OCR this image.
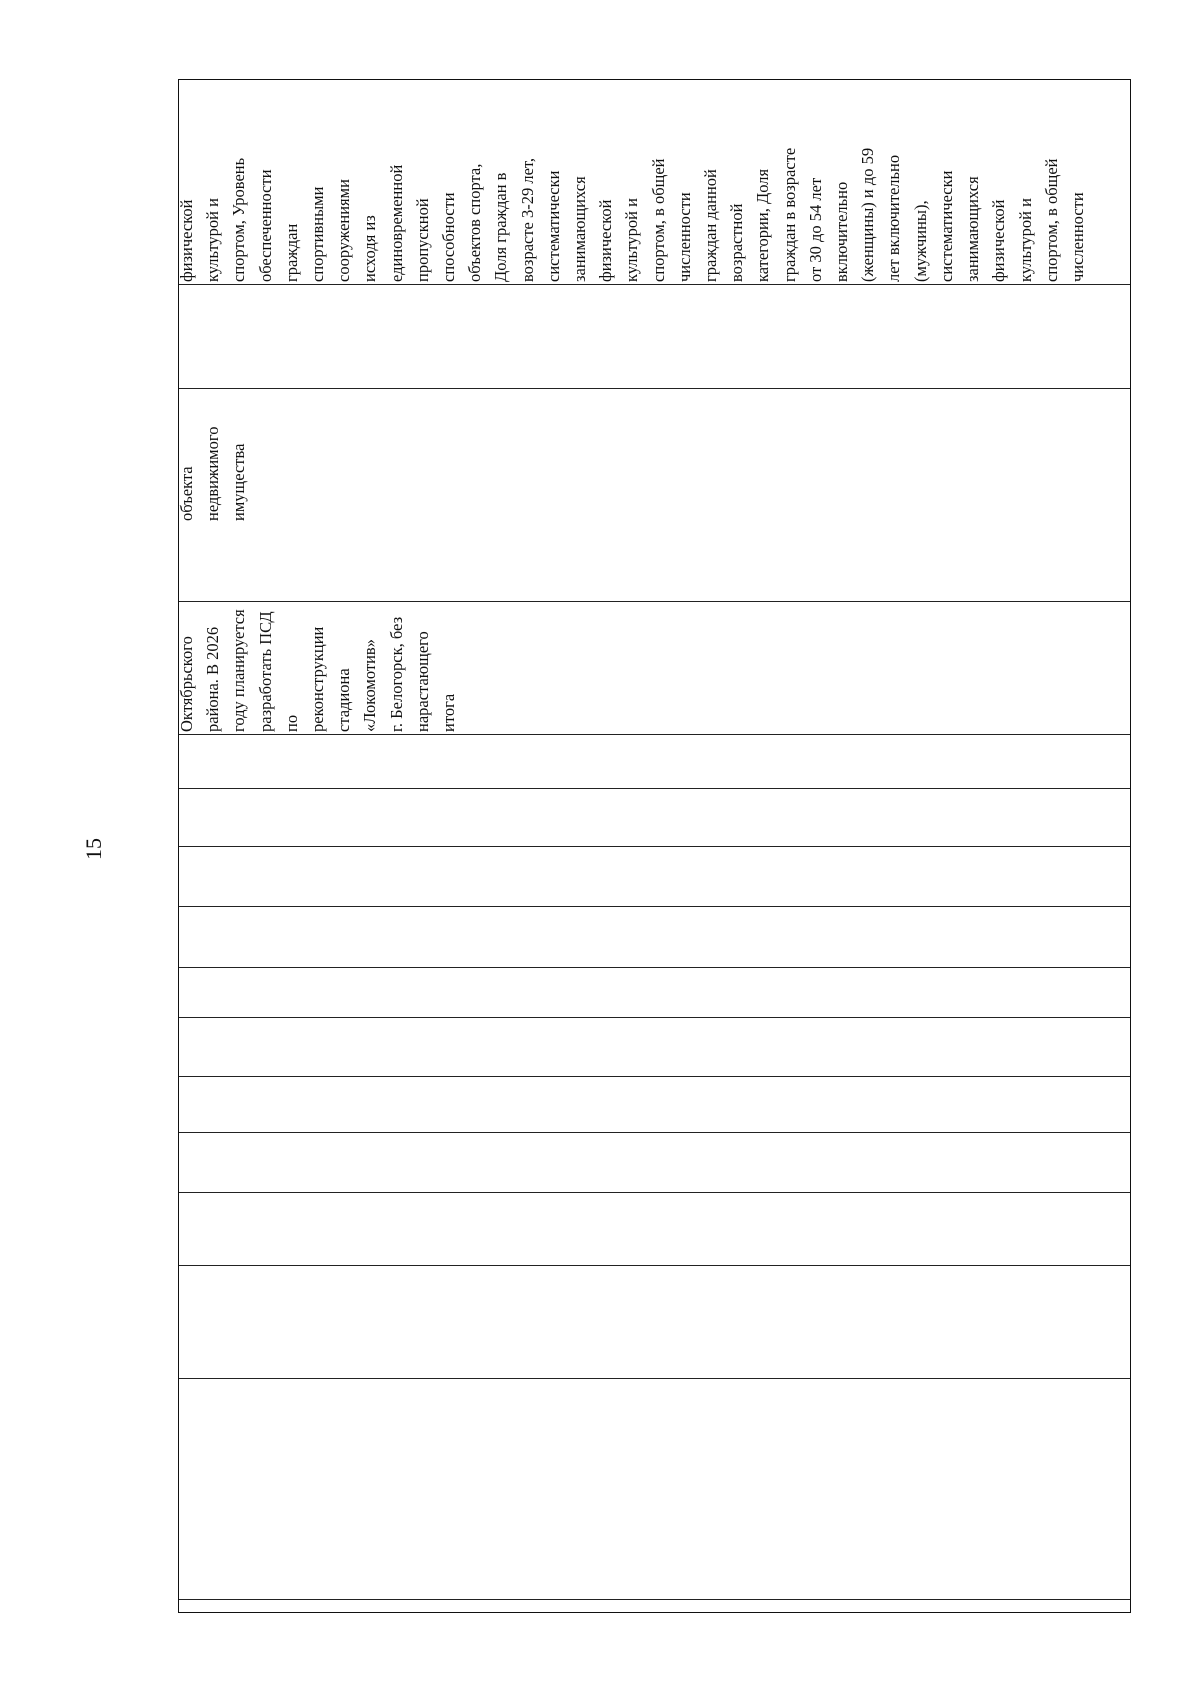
15
физической
культурой и
спортом, Уровень
обеспеченности
граждан
спортивными
сооружениями
исходя из
единовременной
пропускной
способности
объектов спорта,
Доля граждан в
возрасте 3-29 лет,
систематически
занимающихся
физической
культурой и
спортом, в общей
численности
граждан данной
возрастной
категории, Доля
граждан в возрасте
от 30 до 54 лет
включительно
(женщины) и до 59
лет включительно
(мужчины),
систематически
занимающихся
физической
культурой и
спортом, в общей
численности
объекта
недвижимого
имущества
Октябрьского
района. В 2026
году планируется
разработать ПСД
по
реконструкции
стадиона
«Локомотив»
г. Белогорск, без
нарастающего
итога
